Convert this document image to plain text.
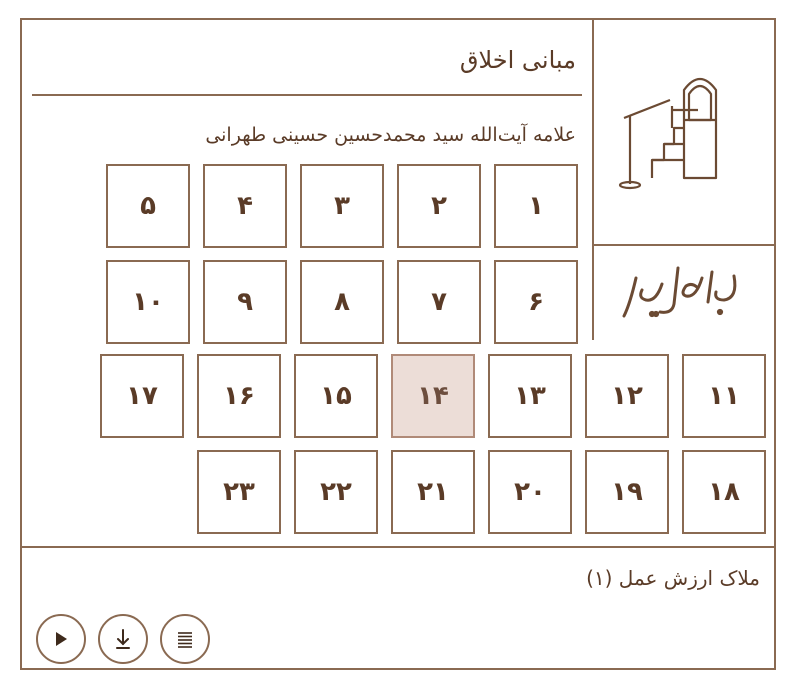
مبانی اخلاق
علامه آیت‌الله سید محمدحسین حسینی طهرانی
۱
۲
۳
۴
۵
۶
۷
۸
۹
۱۰
۱۱
۱۲
۱۳
۱۴
۱۵
۱۶
۱۷
۱۸
۱۹
۲۰
۲۱
۲۲
۲۳
ملاک ارزش عمل (۱)
